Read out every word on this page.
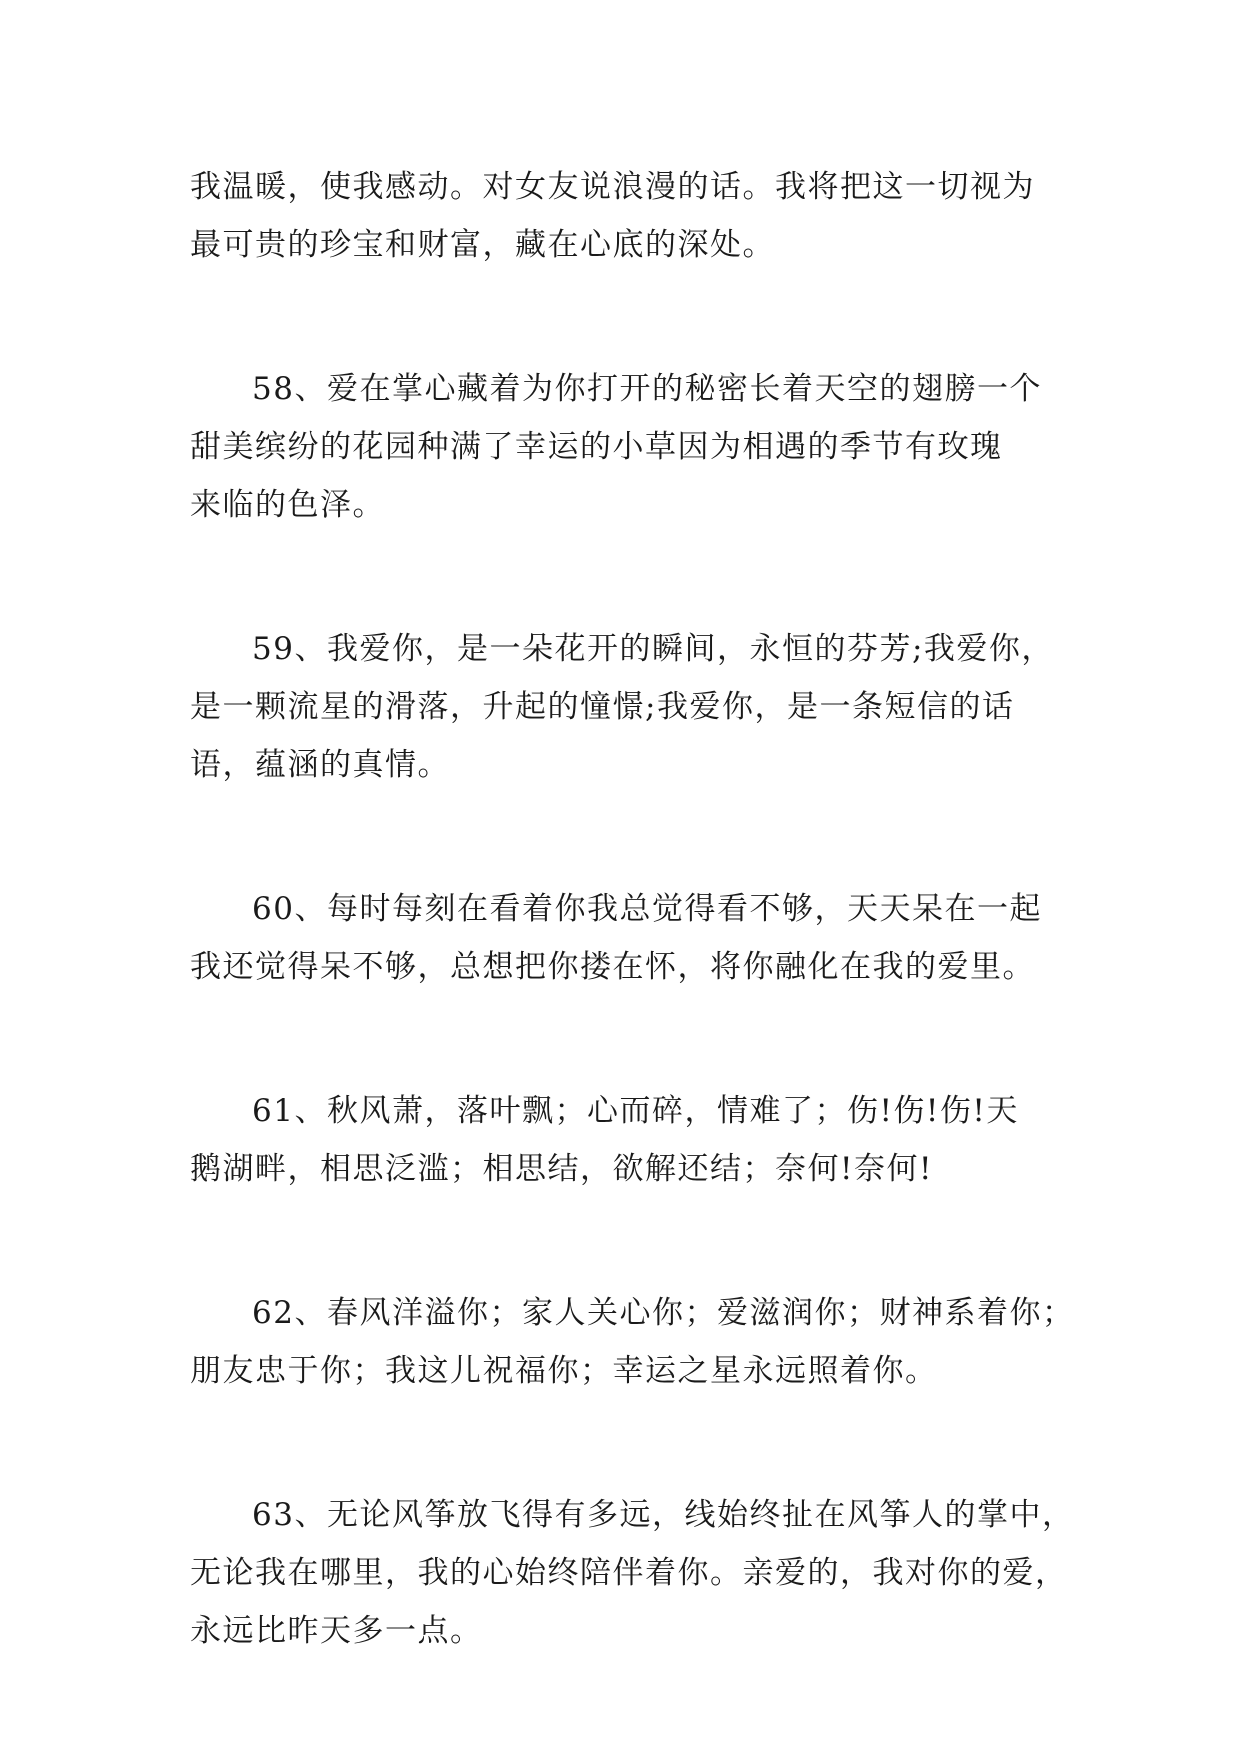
我温暖，使我感动。对女友说浪漫的话。我将把这一切视为
最可贵的珍宝和财富，藏在心底的深处。
58、爱在掌心藏着为你打开的秘密长着天空的翅膀一个
甜美缤纷的花园种满了幸运的小草因为相遇的季节有玫瑰
来临的色泽。
59、我爱你，是一朵花开的瞬间，永恒的芬芳;我爱你，
是一颗流星的滑落，升起的憧憬;我爱你，是一条短信的话
语，蕴涵的真情。
60、每时每刻在看着你我总觉得看不够，天天呆在一起
我还觉得呆不够，总想把你搂在怀，将你融化在我的爱里。
61、秋风萧，落叶飘；心而碎，情难了；伤!伤!伤!天
鹅湖畔，相思泛滥；相思结，欲解还结；奈何!奈何!
62、春风洋溢你；家人关心你；爱滋润你；财神系着你；
朋友忠于你；我这儿祝福你；幸运之星永远照着你。
63、无论风筝放飞得有多远，线始终扯在风筝人的掌中，
无论我在哪里，我的心始终陪伴着你。亲爱的，我对你的爱，
永远比昨天多一点。
